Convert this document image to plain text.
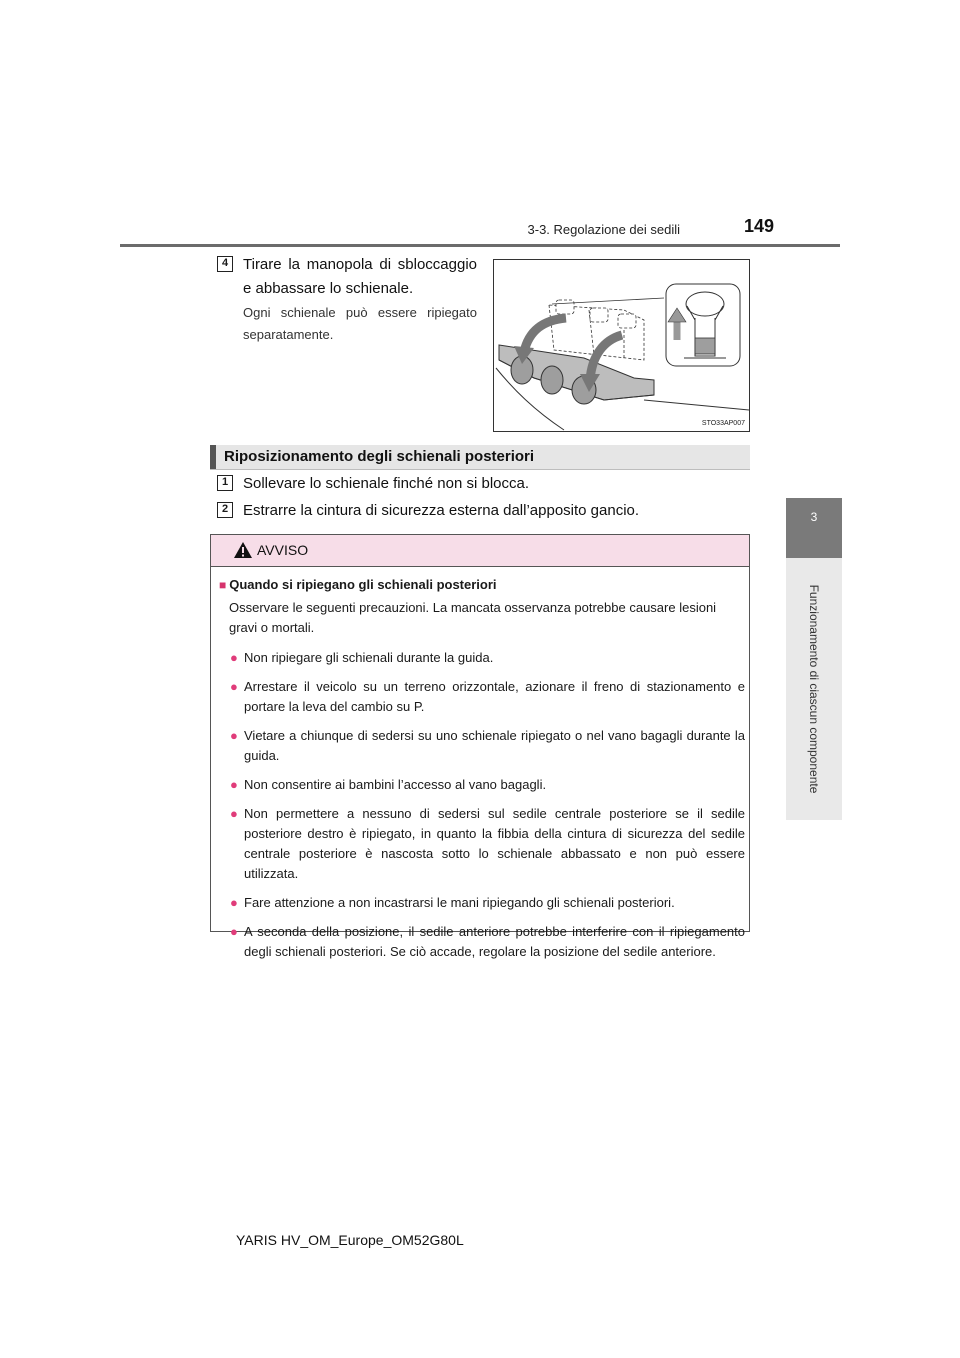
3-3. Regolazione dei sedili	149
3
Funzionamento di ciascun componente
4 Tirare la manopola di sbloccaggio
e abbassare lo schienale.
Ogni schienale può essere ripiegato
separatamente.
STO33AP007
Riposizionamento degli schienali posteriori
1 Sollevare lo schienale finché non si blocca.
2 Estrarre la cintura di sicurezza esterna dall’apposito gancio.
AVVISO
■ Quando si ripiegano gli schienali posteriori
Osservare le seguenti precauzioni. La mancata osservanza potrebbe causare lesioni gravi o mortali.
● Non ripiegare gli schienali durante la guida.
● Arrestare il veicolo su un terreno orizzontale, azionare il freno di stazionamento e portare la leva del cambio su P.
● Vietare a chiunque di sedersi su uno schienale ripiegato o nel vano bagagli durante la guida.
● Non consentire ai bambini l’accesso al vano bagagli.
● Non permettere a nessuno di sedersi sul sedile centrale posteriore se il sedile posteriore destro è ripiegato, in quanto la fibbia della cintura di sicurezza del sedile centrale posteriore è nascosta sotto lo schienale abbassato e non può essere utilizzata.
● Fare attenzione a non incastrarsi le mani ripiegando gli schienali posteriori.
● A seconda della posizione, il sedile anteriore potrebbe interferire con il ripiegamento degli schienali posteriori. Se ciò accade, regolare la posizione del sedile anteriore.
YARIS HV_OM_Europe_OM52G80L
